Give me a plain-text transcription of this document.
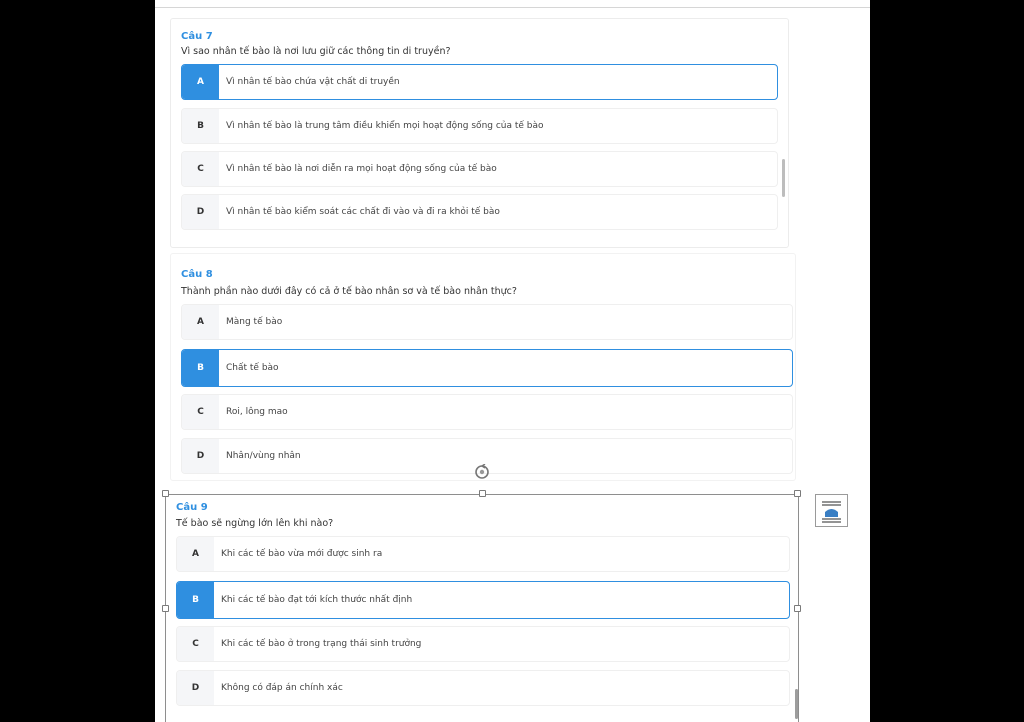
Câu 7
Vì sao nhân tế bào là nơi lưu giữ các thông tin di truyền?
A	Vì nhân tế bào chứa vật chất di truyền
B	Vì nhân tế bào là trung tâm điều khiển mọi hoạt động sống của tế bào
C	Vì nhân tế bào là nơi diễn ra mọi hoạt động sống của tế bào
D	Vì nhân tế bào kiểm soát các chất đi vào và đi ra khỏi tế bào
Câu 8
Thành phần nào dưới đây có cả ở tế bào nhân sơ và tế bào nhân thực?
A	Màng tế bào
B	Chất tế bào
C	Roi, lông mao
D	Nhân/vùng nhân
Câu 9
Tế bào sẽ ngừng lớn lên khi nào?
A	Khi các tế bào vừa mới được sinh ra
B	Khi các tế bào đạt tới kích thước nhất định
C	Khi các tế bào ở trong trạng thái sinh trưởng
D	Không có đáp án chính xác
